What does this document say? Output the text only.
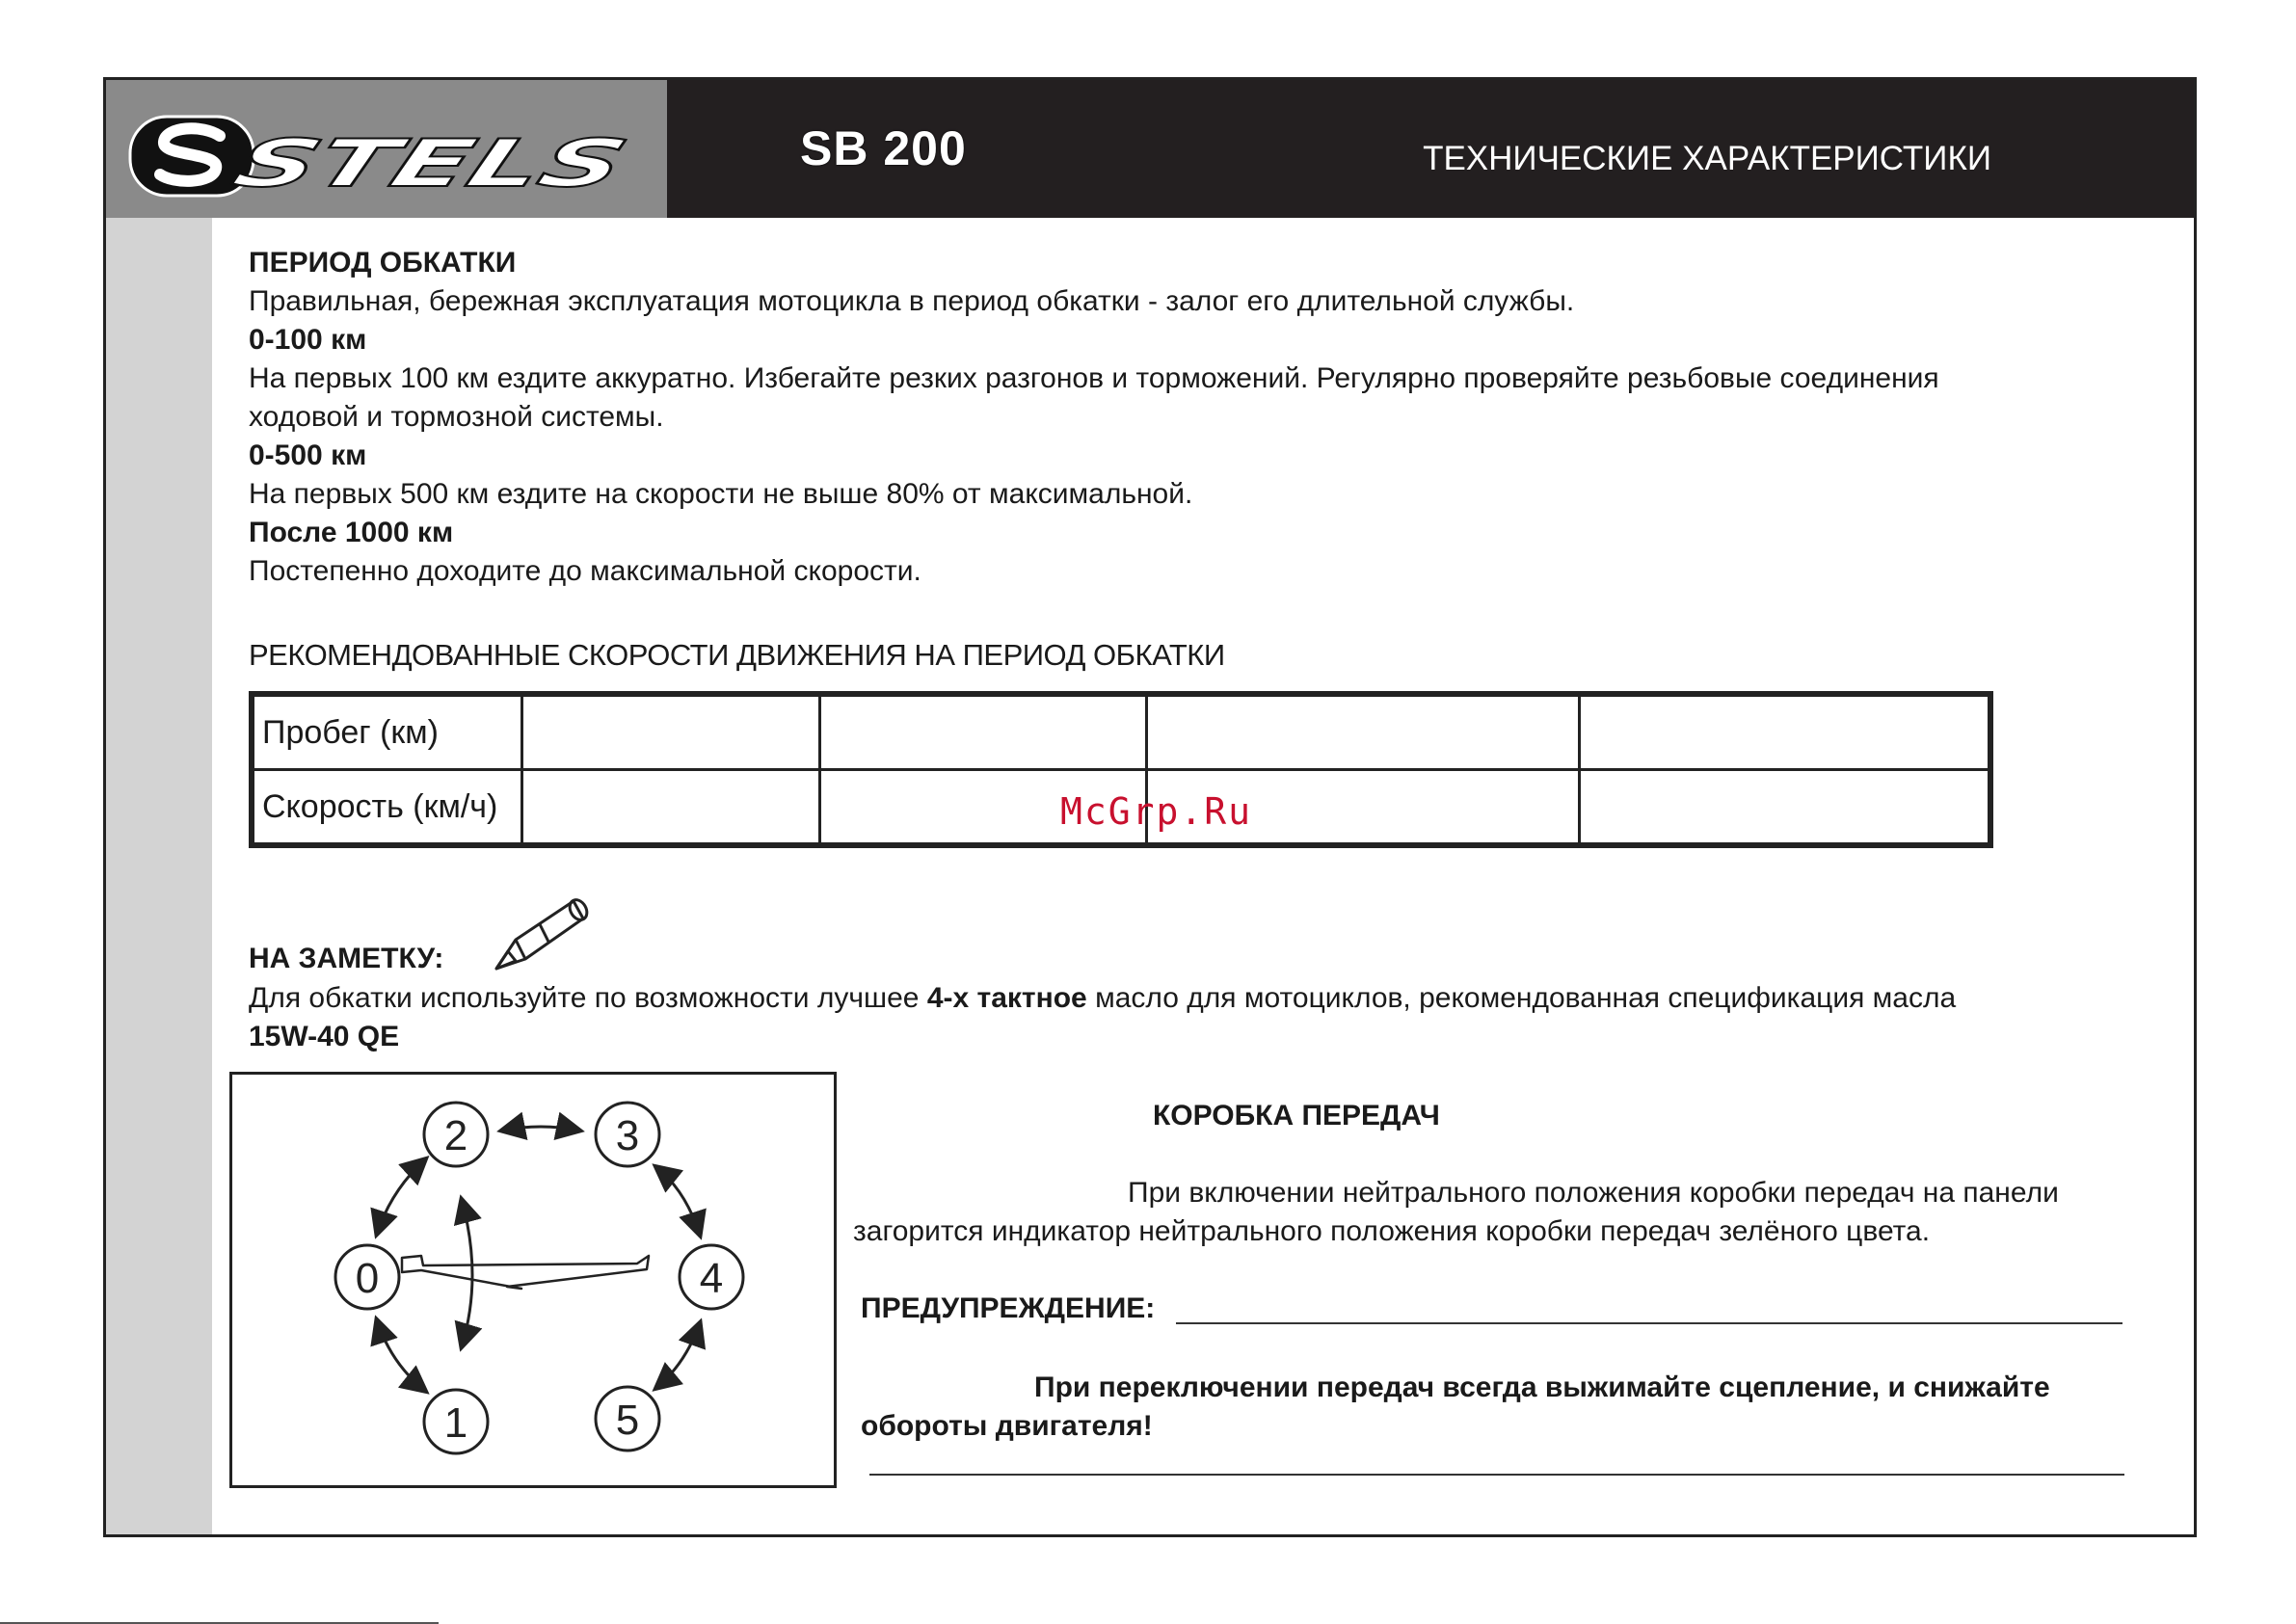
STELS	SB 200	ТЕХНИЧЕСКИЕ ХАРАКТЕРИСТИКИ
ПЕРИОД ОБКАТКИ
Правильная, бережная эксплуатация мотоцикла в период обкатки - залог его длительной службы.
0-100 км
На первых 100 км ездите аккуратно. Избегайте резких разгонов и торможений. Регулярно проверяйте резьбовые соединения
ходовой и тормозной системы.
0-500 км
На первых 500 км ездите на скорости не выше 80% от максимальной.
После 1000 км
Постепенно доходите до максимальной скорости.
РЕКОМЕНДОВАННЫЕ СКОРОСТИ ДВИЖЕНИЯ НА ПЕРИОД ОБКАТКИ
Пробег (км)				
Скорость (км/ч)					McGrp.Ru
НА ЗАМЕТКУ:
Для обкатки используйте по возможности лучшее 4-х тактное масло для мотоциклов, рекомендованная спецификация масла
15W-40 QE
0
1
2	3
4
5
КОРОБКА ПЕРЕДАЧ
При включении нейтрального положения коробки передач на панели
загорится индикатор нейтрального положения коробки передач зелёного цвета.
ПРЕДУПРЕЖДЕНИЕ:
При переключении передач всегда выжимайте сцепление, и снижайте
обороты двигателя!
